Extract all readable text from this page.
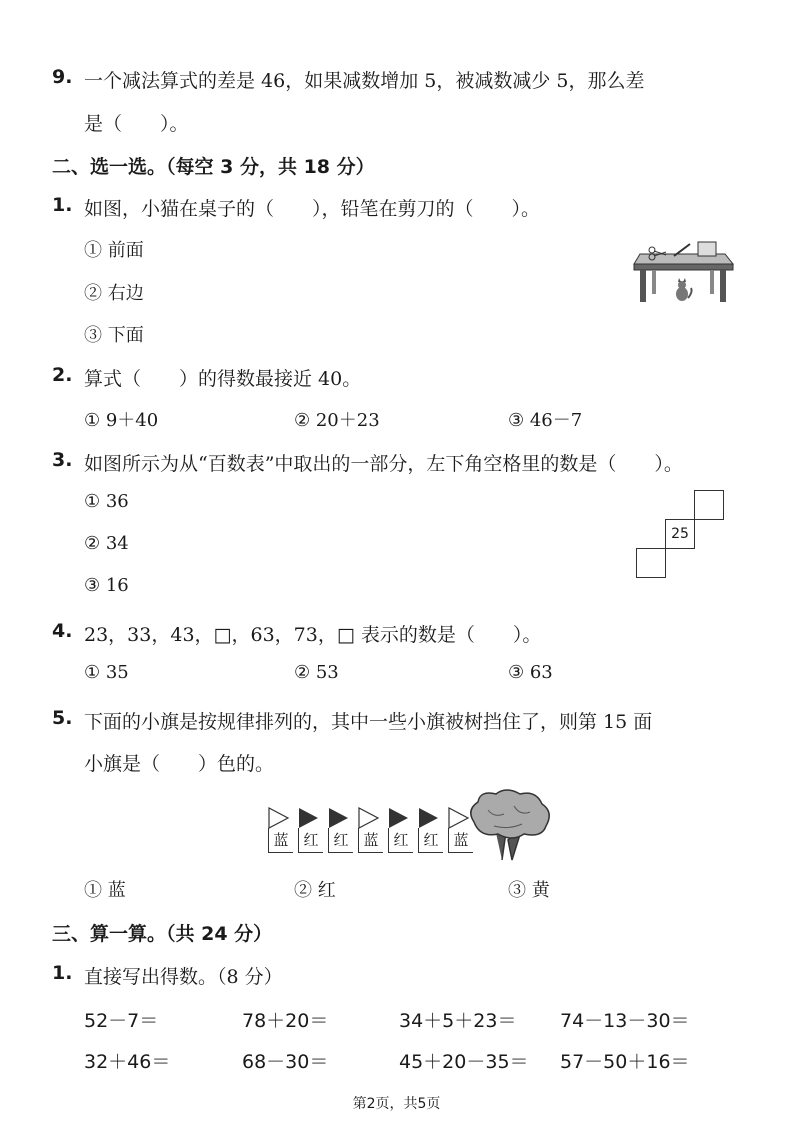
9. 一个减法算式的差是 46，如果减数增加 5，被减数减少 5，那么差
是（　　）。
二、选一选。（每空 3 分，共 18 分）
1. 如图，小猫在桌子的（　　），铅笔在剪刀的（　　）。
① 前面
② 右边
③ 下面
2. 算式（　　）的得数最接近 40。
① 9＋40	② 20＋23	③ 46－7
3. 如图所示为从“百数表”中取出的一部分，左下角空格里的数是（　　）。
① 36
② 34
③ 16
25
4. 23，33，43，□，63，73，□ 表示的数是（　　）。
① 35	② 53	③ 63
5. 下面的小旗是按规律排列的，其中一些小旗被树挡住了，则第 15 面
小旗是（　　）色的。
蓝 红 红 蓝 红 红 蓝
① 蓝	② 红	③ 黄
三、算一算。（共 24 分）
1. 直接写出得数。（8 分）
52－7＝	78＋20＝	34＋5＋23＝ 74－13－30＝
32＋46＝	68－30＝	45＋20－35＝ 57－50＋16＝
第2页，共5页
